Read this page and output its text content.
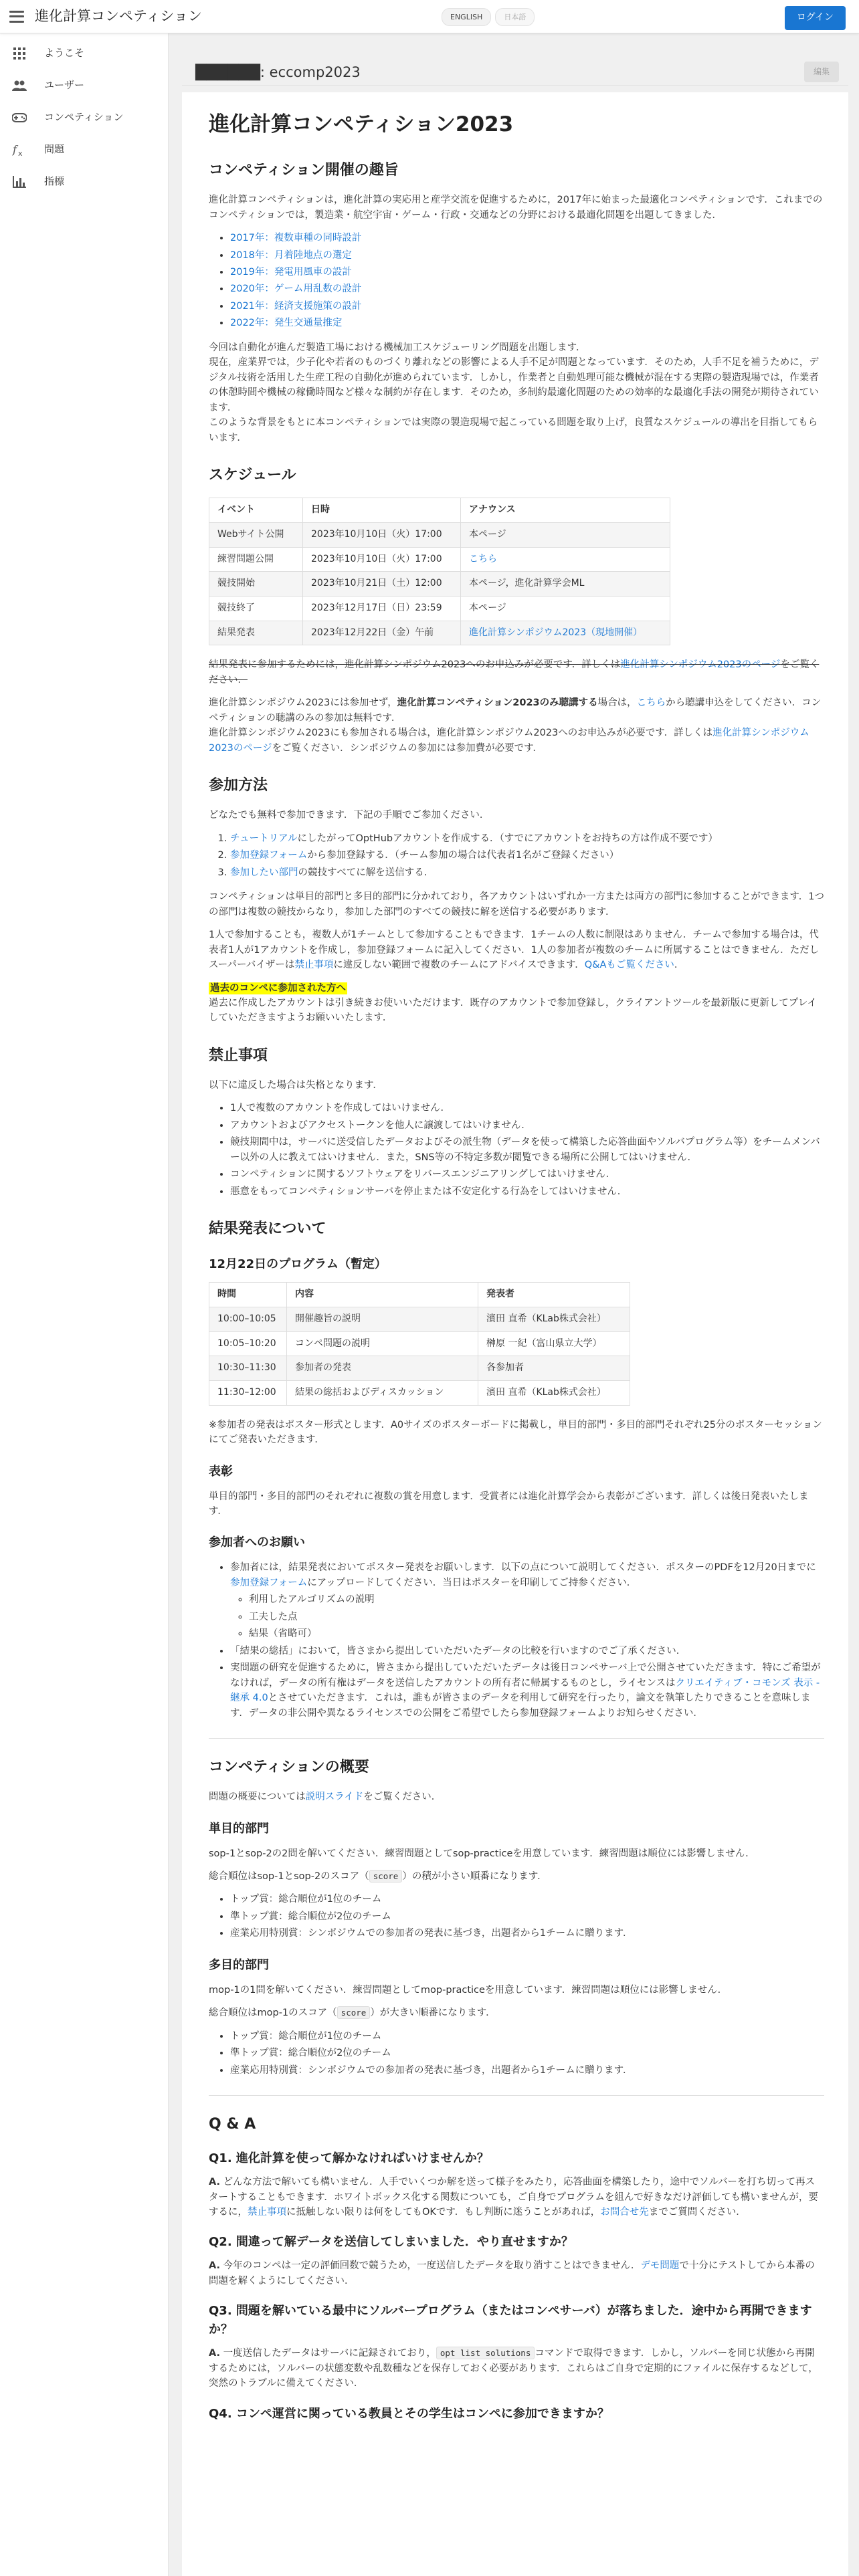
進化計算コンペティション	ENGLISH	日本語	ログイン
ようこそ
ユーザー
コンペティション
f x 問題
指標
██████: eccomp2023	編集
進化計算コンペティション2023
コンペティション開催の趣旨

進化計算コンペティションは，進化計算の実応用と産学交流を促進するために，2017年に始まった最適化コンペティションです．これまでのコンペティションでは，製造業・航空宇宙・ゲーム・行政・交通などの分野における最適化問題を出題してきました．

• 2017年：複数車種の同時設計
• 2018年：月着陸地点の選定
• 2019年：発電用風車の設計
• 2020年：ゲーム用乱数の設計
• 2021年：経済支援施策の設計
• 2022年：発生交通量推定

今回は自動化が進んだ製造工場における機械加工スケジューリング問題を出題します．
現在，産業界では，少子化や若者のものづくり離れなどの影響による人手不足が問題となっています．そのため，人手不足を補うために，デジタル技術を活用した生産工程の自動化が進められています．しかし，作業者と自動処理可能な機械が混在する実際の製造現場では，作業者の休憩時間や機械の稼働時間など様々な制約が存在します．そのため，多制約最適化問題のための効率的な最適化手法の開発が期待されています．
このような背景をもとに本コンペティションでは実際の製造現場で起こっている問題を取り上げ，良質なスケジュールの導出を目指してもらいます．

スケジュール
イベント	日時	アナウンス
Webサイト公開	2023年10月10日（火）17:00	本ページ
練習問題公開	2023年10月10日（火）17:00	こちら
競技開始	2023年10月21日（土）12:00	本ページ，進化計算学会ML
競技終了	2023年12月17日（日）23:59	本ページ
結果発表	2023年12月22日（金）午前	進化計算シンポジウム2023（現地開催）

結果発表に参加するためには，進化計算シンポジウム2023へのお申込みが必要です．詳しくは進化計算シンポジウム2023のページをご覧ください．

進化計算シンポジウム2023には参加せず，進化計算コンペティション2023のみ聴講する場合は，こちらから聴講申込をしてください．コンペティションの聴講のみの参加は無料です．
進化計算シンポジウム2023にも参加される場合は，進化計算シンポジウム2023へのお申込みが必要です．詳しくは進化計算シンポジウム2023のページをご覧ください．シンポジウムの参加には参加費が必要です．

参加方法

どなたでも無料で参加できます．下記の手順でご参加ください．

1. チュートリアルにしたがってOptHubアカウントを作成する．（すでにアカウントをお持ちの方は作成不要です）
2. 参加登録フォームから参加登録する．（チーム参加の場合は代表者1名がご登録ください）
3. 参加したい部門の競技すべてに解を送信する．

コンペティションは単目的部門と多目的部門に分かれており，各アカウントはいずれか一方または両方の部門に参加することができます．1つの部門は複数の競技からなり，参加した部門のすべての競技に解を送信する必要があります．

1人で参加することも，複数人が1チームとして参加することもできます．1チームの人数に制限はありません．チームで参加する場合は，代表者1人が1アカウントを作成し，参加登録フォームに記入してください．1人の参加者が複数のチームに所属することはできません．ただしスーパーバイザーは禁止事項に違反しない範囲で複数のチームにアドバイスできます．Q&Aもご覧ください．

過去のコンペに参加された方へ
過去に作成したアカウントは引き続きお使いいただけます．既存のアカウントで参加登録し，クライアントツールを最新版に更新してプレイしていただきますようお願いいたします．

禁止事項

以下に違反した場合は失格となります．

• 1人で複数のアカウントを作成してはいけません．
• アカウントおよびアクセストークンを他人に譲渡してはいけません．
• 競技期間中は，サーバに送受信したデータおよびその派生物（データを使って構築した応答曲面やソルバプログラム等）をチームメンバー以外の人に教えてはいけません．また，SNS等の不特定多数が閲覧できる場所に公開してはいけません．
• コンペティションに関するソフトウェアをリバースエンジニアリングしてはいけません．
• 悪意をもってコンペティションサーバを停止または不安定化する行為をしてはいけません．
結果発表について
12月22日のプログラム（暫定）
時間	内容	発表者
10:00–10:05	開催趣旨の説明	濱田 直希（KLab株式会社）
10:05–10:20	コンペ問題の説明	榊原 一紀（富山県立大学）
10:30–11:30	参加者の発表	各参加者
11:30–12:00	結果の総括およびディスカッション	濱田 直希（KLab株式会社）

※参加者の発表はポスター形式とします．A0サイズのポスターボードに掲載し，単目的部門・多目的部門それぞれ25分のポスターセッションにてご発表いただきます．

表彰

単目的部門・多目的部門のそれぞれに複数の賞を用意します．受賞者には進化計算学会から表彰がございます．詳しくは後日発表いたします．

参加者へのお願い
• 参加者には，結果発表においてポスター発表をお願いします．以下の点について説明してください．ポスターのPDFを12月20日までに参加登録フォームにアップロードしてください．当日はポスターを印刷してご持参ください．
◦ 利用したアルゴリズムの説明
◦ 工夫した点
◦ 結果（省略可）
• 「結果の総括」において，皆さまから提出していただいたデータの比較を行いますのでご了承ください．
• 実問題の研究を促進するために，皆さまから提出していただいたデータは後日コンペサーバ上で公開させていただきます．特にご希望がなければ，データの所有権はデータを送信したアカウントの所有者に帰属するものとし，ライセンスはクリエイティブ・コモンズ 表示 - 継承 4.0とさせていただきます．これは，誰もが皆さまのデータを利用して研究を行ったり，論文を執筆したりできることを意味します．データの非公開や異なるライセンスでの公開をご希望でしたら参加登録フォームよりお知らせください．
コンペティションの概要

問題の概要については説明スライドをご覧ください．

単目的部門

sop-1とsop-2の2問を解いてください．練習問題としてsop-practiceを用意しています．練習問題は順位には影響しません．

総合順位はsop-1とsop-2のスコア（ score ）の積が小さい順番になります．

• トップ賞：総合順位が1位のチーム
• 準トップ賞：総合順位が2位のチーム
• 産業応用特別賞：シンポジウムでの参加者の発表に基づき，出題者から1チームに贈ります．
多目的部門

mop-1の1問を解いてください．練習問題としてmop-practiceを用意しています．練習問題は順位には影響しません．

総合順位はmop-1のスコア（ score ）が大きい順番になります．

• トップ賞：総合順位が1位のチーム
• 準トップ賞：総合順位が2位のチーム
• 産業応用特別賞：シンポジウムでの参加者の発表に基づき，出題者から1チームに贈ります．
Q & A
Q1. 進化計算を使って解かなければいけませんか？

A. どんな方法で解いても構いません．人手でいくつか解を送って様子をみたり，応答曲面を構築したり，途中でソルバーを打ち切って再スタートすることもできます．ホワイトボックス化する関数についても，ご自身でプログラムを組んで好きなだけ評価しても構いませんが，要するに，禁止事項に抵触しない限りは何をしてもOKです．もし判断に迷うことがあれば，お問合せ先までご質問ください．

Q2. 間違って解データを送信してしまいました．やり直せますか？

A. 今年のコンペは一定の評価回数で競うため，一度送信したデータを取り消すことはできません．デモ問題で十分にテストしてから本番の問題を解くようにしてください．

Q3. 問題を解いている最中にソルバープログラム（またはコンペサーバ）が落ちました．途中から再開できますか？

A. 一度送信したデータはサーバに記録されており， opt list solutions コマンドで取得できます．しかし，ソルバーを同じ状態から再開するためには，ソルバーの状態変数や乱数種などを保存しておく必要があります．これらはご自身で定期的にファイルに保存するなどして，突然のトラブルに備えてください．

Q4. コンペ運営に関っている教員とその学生はコンペに参加できますか？
